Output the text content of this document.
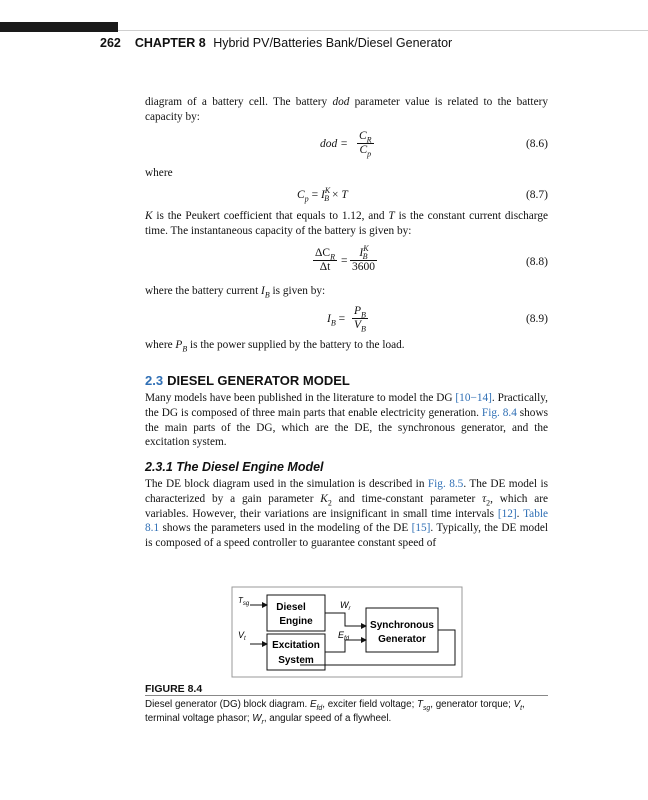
262 CHAPTER 8 Hybrid PV/Batteries Bank/Diesel Generator

diagram of a battery cell. The battery dod parameter value is related to the battery capacity by:

dod = $\frac{C_R}{C_p}$	(8.6)

where

$C_p = I^K_B \times T$	(8.7)

K is the Peukert coefficient that equals to 1.12, and T is the constant current discharge time. The instantaneous capacity of the battery is given by:

$\Delta C_R$
Δt =
$I^K_B$
3600	(8.8)

where the battery current $I_B$ is given by:

$I_B = \frac{P_B}{V_B}$	(8.9)

where $P_B$ is the power supplied by the battery to the load.

2.3 DIESEL GENERATOR MODEL

Many models have been published in the literature to model the DG [10−14]. Practically, the DG is composed of three main parts that enable electricity generation. Fig. 8.4 shows the main parts of the DG, which are the DE, the synchronous generator, and the excitation system.

2.3.1 The Diesel Engine Model

The DE block diagram used in the simulation is described in Fig. 8.5. The DE model is characterized by a gain parameter $K_2$ and time-constant parameter $\tau_2$, which are variables. However, their variations are insignificant in small time intervals [12]. Table 8.1 shows the parameters used in the modeling of the DE [15]. Typically, the DE model is composed of a speed controller to guarantee constant speed of

Diesel
Engine
Excitation
System
Synchronous
Generator
$T_{sg}$
$V_t$
$W_r$
$E_{fd}$
FIGURE 8.4
Diesel generator (DG) block diagram. $E_{fd}$, exciter field voltage; $T_{sg}$, generator torque; $V_t$, terminal voltage phasor; $W_r$, angular speed of a flywheel.
